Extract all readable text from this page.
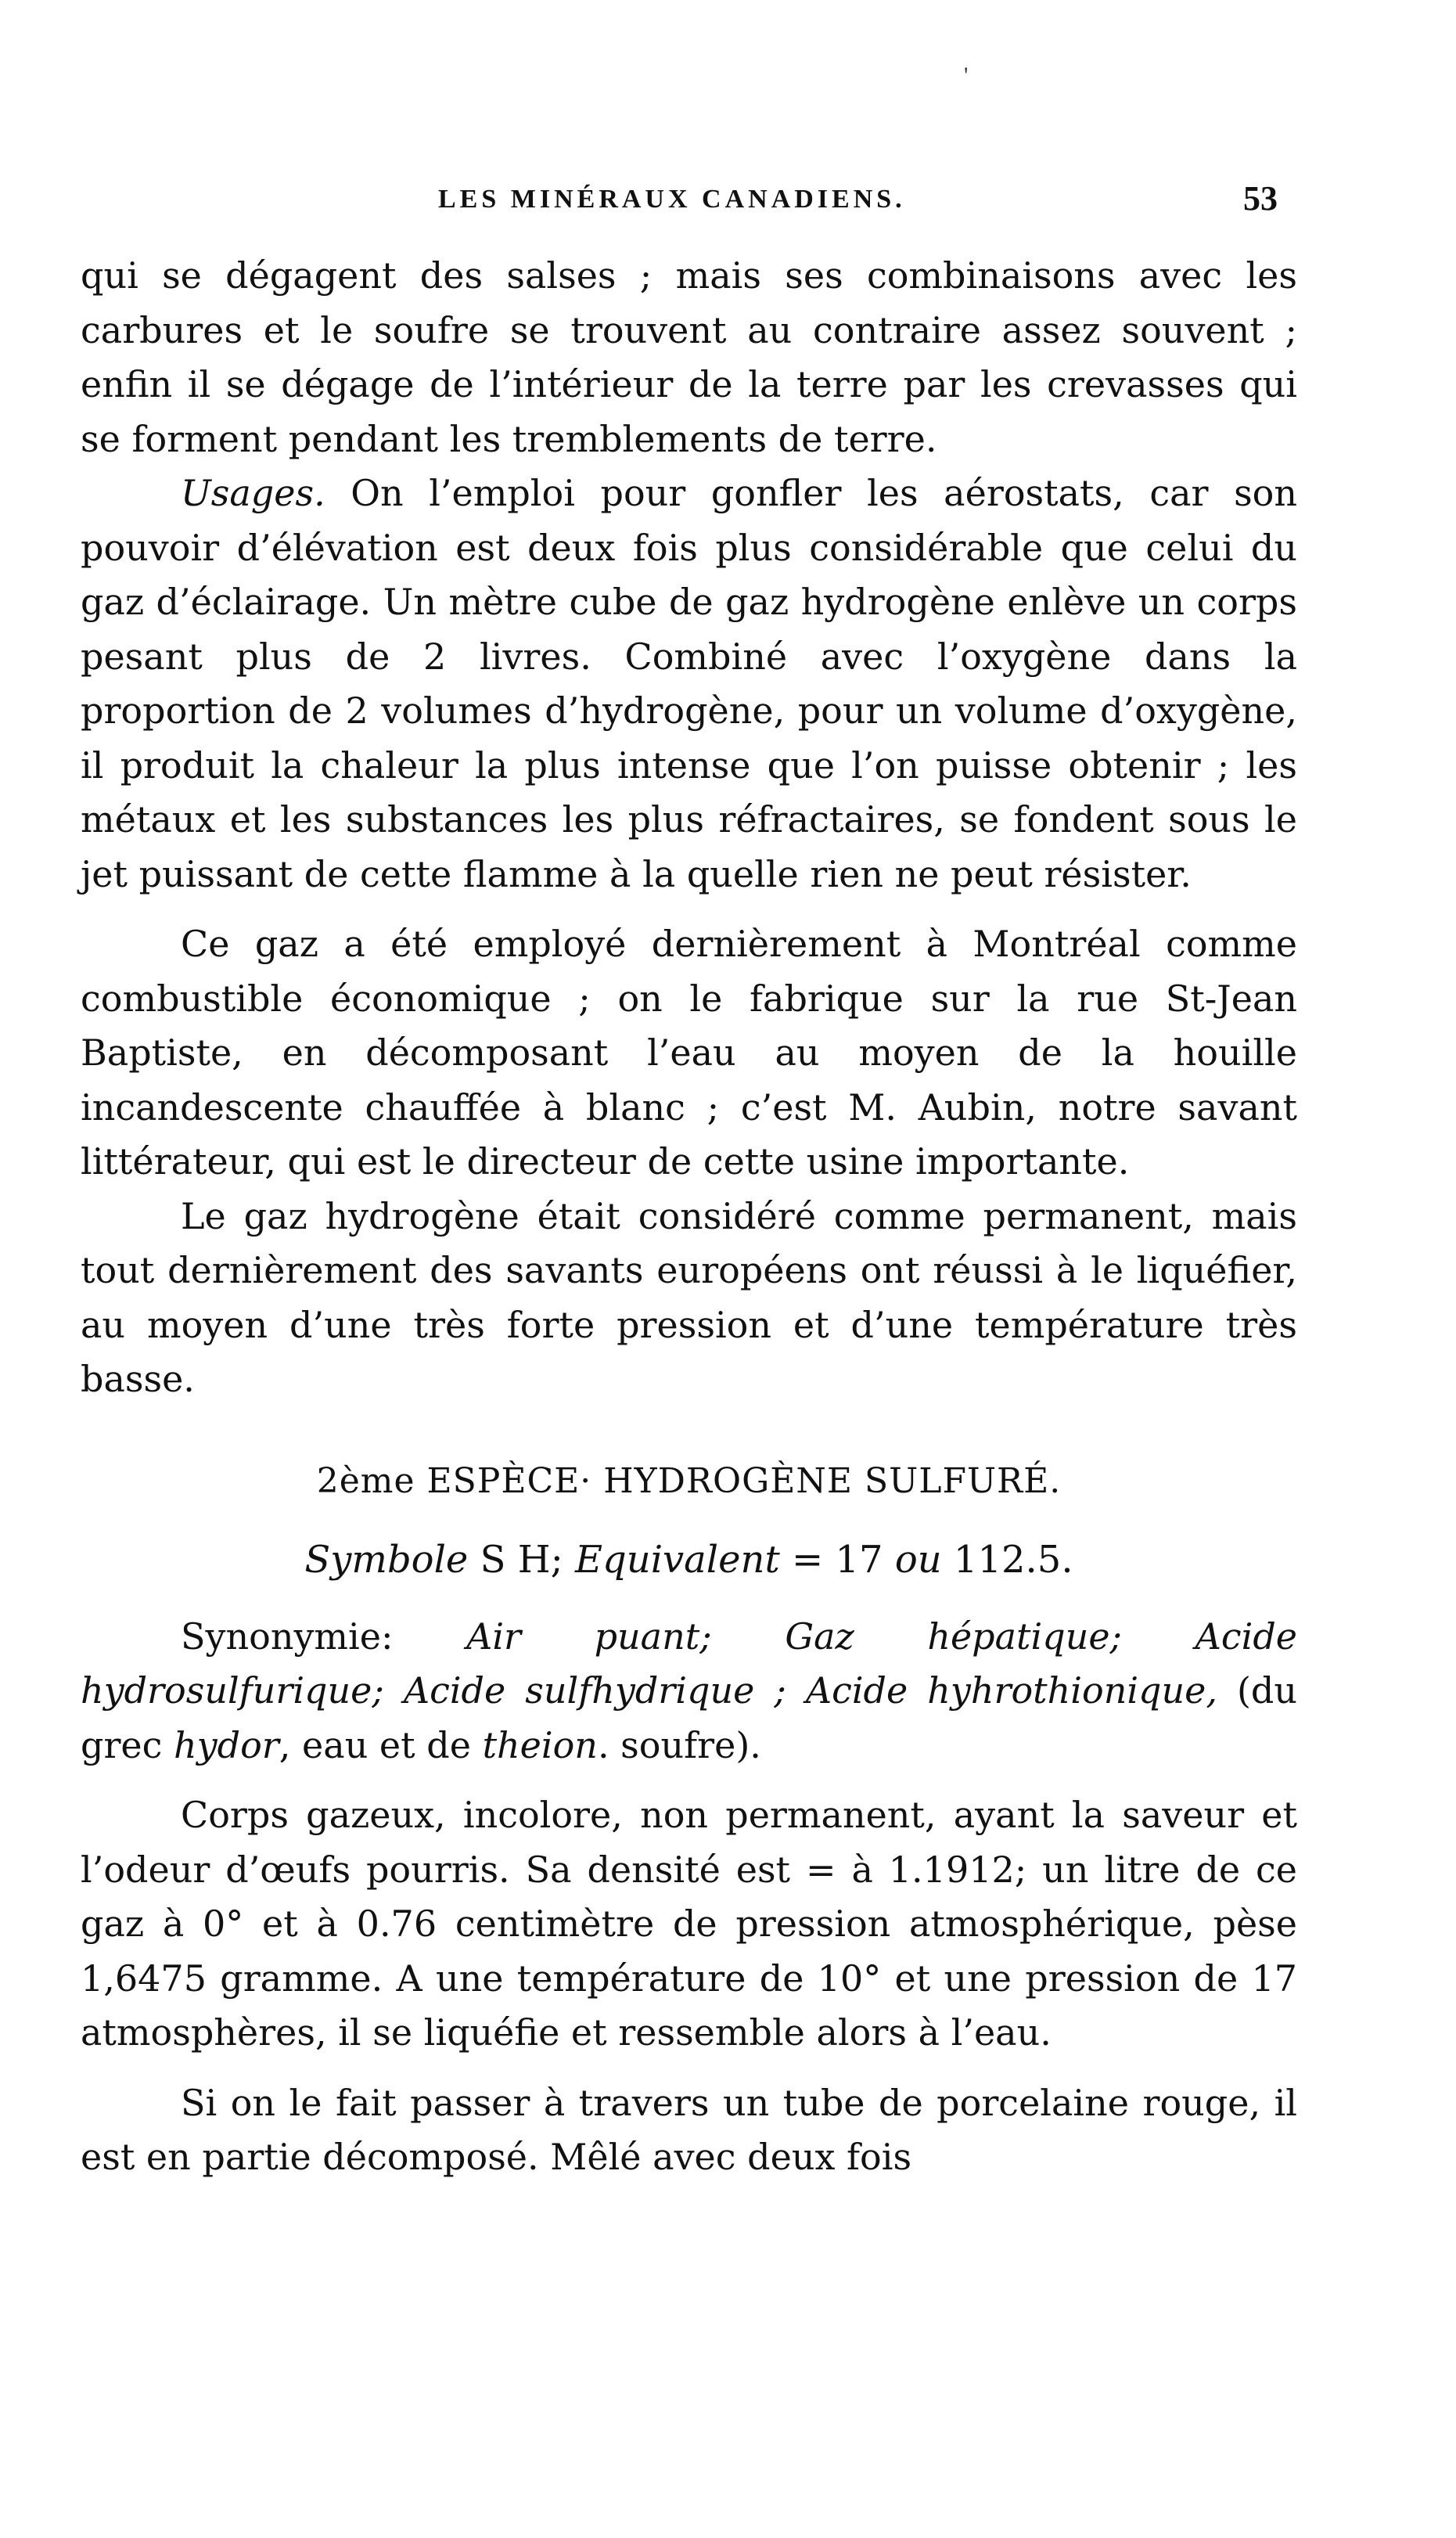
'
LES MINÉRAUX CANADIENS.	53

qui se dégagent des salses ; mais ses combinaisons avec les carbures et le soufre se trouvent au contraire assez souvent ; enfin il se dégage de l’intérieur de la terre par les crevasses qui se forment pendant les tremblements de terre.

Usages. On l’emploi pour gonfler les aérostats, car son pouvoir d’élévation est deux fois plus considérable que celui du gaz d’éclairage. Un mètre cube de gaz hydrogène enlève un corps pesant plus de 2 livres. Combiné avec l’oxygène dans la proportion de 2 volumes d’hydrogène, pour un volume d’oxygène, il produit la chaleur la plus intense que l’on puisse obtenir ; les métaux et les substances les plus réfractaires, se fondent sous le jet puissant de cette flamme à la quelle rien ne peut résister.

Ce gaz a été employé dernièrement à Montréal comme combustible économique ; on le fabrique sur la rue St-Jean Baptiste, en décomposant l’eau au moyen de la houille incandescente chauffée à blanc ; c’est M. Aubin, notre savant littérateur, qui est le directeur de cette usine importante.

Le gaz hydrogène était considéré comme permanent, mais tout dernièrement des savants européens ont réussi à le liquéfier, au moyen d’une très forte pression et d’une température très basse.

2ème ESPÈCE· HYDROGÈNE SULFURÉ.

Symbole S H; Equivalent = 17 ou 112.5.

Synonymie: Air puant; Gaz hépatique; Acide hydrosulfurique; Acide sulfhydrique ; Acide hyhrothionique, (du grec hydor, eau et de theion. soufre).

Corps gazeux, incolore, non permanent, ayant la saveur et l’odeur d’œufs pourris. Sa densité est = à 1.1912; un litre de ce gaz à 0° et à 0.76 centimètre de pression atmosphérique, pèse 1,6475 gramme. A une température de 10° et une pression de 17 atmosphères, il se liquéfie et ressemble alors à l’eau.

Si on le fait passer à travers un tube de porcelaine rouge, il est en partie décomposé. Mêlé avec deux fois
